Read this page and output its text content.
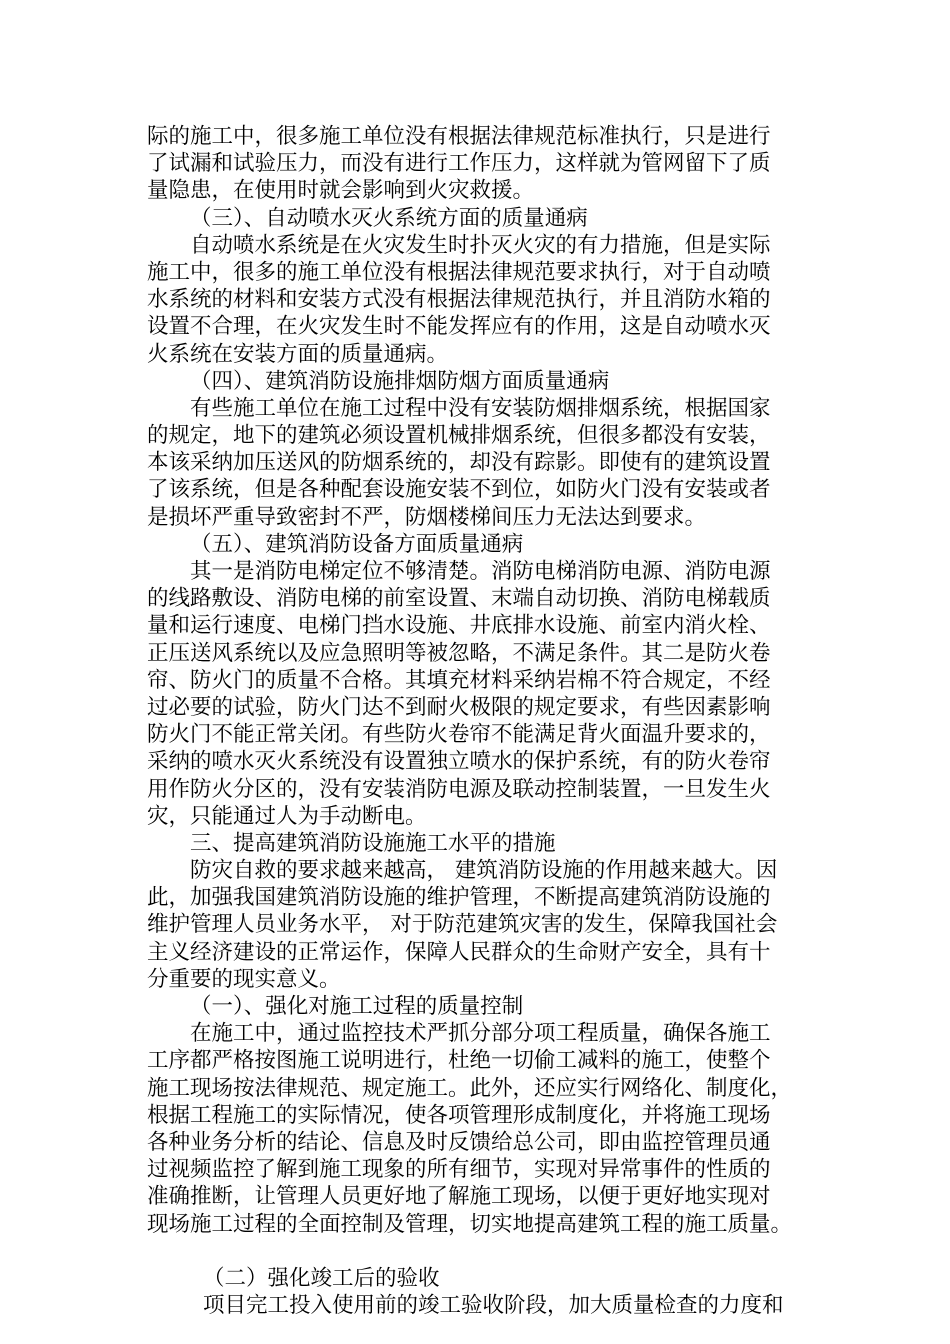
际的施工中，很多施工单位没有根据法律规范标准执行，只是进行
了试漏和试验压力，而没有进行工作压力，这样就为管网留下了质
量隐患，在使用时就会影响到火灾救援。
（三）、自动喷水灭火系统方面的质量通病
自动喷水系统是在火灾发生时扑灭火灾的有力措施，但是实际
施工中，很多的施工单位没有根据法律规范要求执行，对于自动喷
水系统的材料和安装方式没有根据法律规范执行，并且消防水箱的
设置不合理，在火灾发生时不能发挥应有的作用，这是自动喷水灭
火系统在安装方面的质量通病。
（四）、建筑消防设施排烟防烟方面质量通病
有些施工单位在施工过程中没有安装防烟排烟系统，根据国家
的规定，地下的建筑必须设置机械排烟系统，但很多都没有安装，
本该采纳加压送风的防烟系统的，却没有踪影。即使有的建筑设置
了该系统，但是各种配套设施安装不到位，如防火门没有安装或者
是损坏严重导致密封不严，防烟楼梯间压力无法达到要求。
（五）、建筑消防设备方面质量通病
其一是消防电梯定位不够清楚。消防电梯消防电源、消防电源
的线路敷设、消防电梯的前室设置、末端自动切换、消防电梯载质
量和运行速度、电梯门挡水设施、井底排水设施、前室内消火栓、
正压送风系统以及应急照明等被忽略，不满足条件。其二是防火卷
帘、防火门的质量不合格。其填充材料采纳岩棉不符合规定，不经
过必要的试验，防火门达不到耐火极限的规定要求，有些因素影响
防火门不能正常关闭。有些防火卷帘不能满足背火面温升要求的，
采纳的喷水灭火系统没有设置独立喷水的保护系统，有的防火卷帘
用作防火分区的，没有安装消防电源及联动控制装置，一旦发生火
灾，只能通过人为手动断电。
三、提高建筑消防设施施工水平的措施
防灾自救的要求越来越高， 建筑消防设施的作用越来越大。因
此，加强我国建筑消防设施的维护管理，不断提高建筑消防设施的
维护管理人员业务水平， 对于防范建筑灾害的发生，保障我国社会
主义经济建设的正常运作，保障人民群众的生命财产安全，具有十
分重要的现实意义。
（一）、强化对施工过程的质量控制
在施工中，通过监控技术严抓分部分项工程质量，确保各施工
工序都严格按图施工说明进行，杜绝一切偷工减料的施工，使整个
施工现场按法律规范、规定施工。此外，还应实行网络化、制度化，
根据工程施工的实际情况，使各项管理形成制度化，并将施工现场
各种业务分析的结论、信息及时反馈给总公司，即由监控管理员通
过视频监控了解到施工现象的所有细节，实现对异常事件的性质的
准确推断，让管理人员更好地了解施工现场，以便于更好地实现对
现场施工过程的全面控制及管理，切实地提高建筑工程的施工质量。
（二）强化竣工后的验收
项目完工投入使用前的竣工验收阶段，加大质量检查的力度和
